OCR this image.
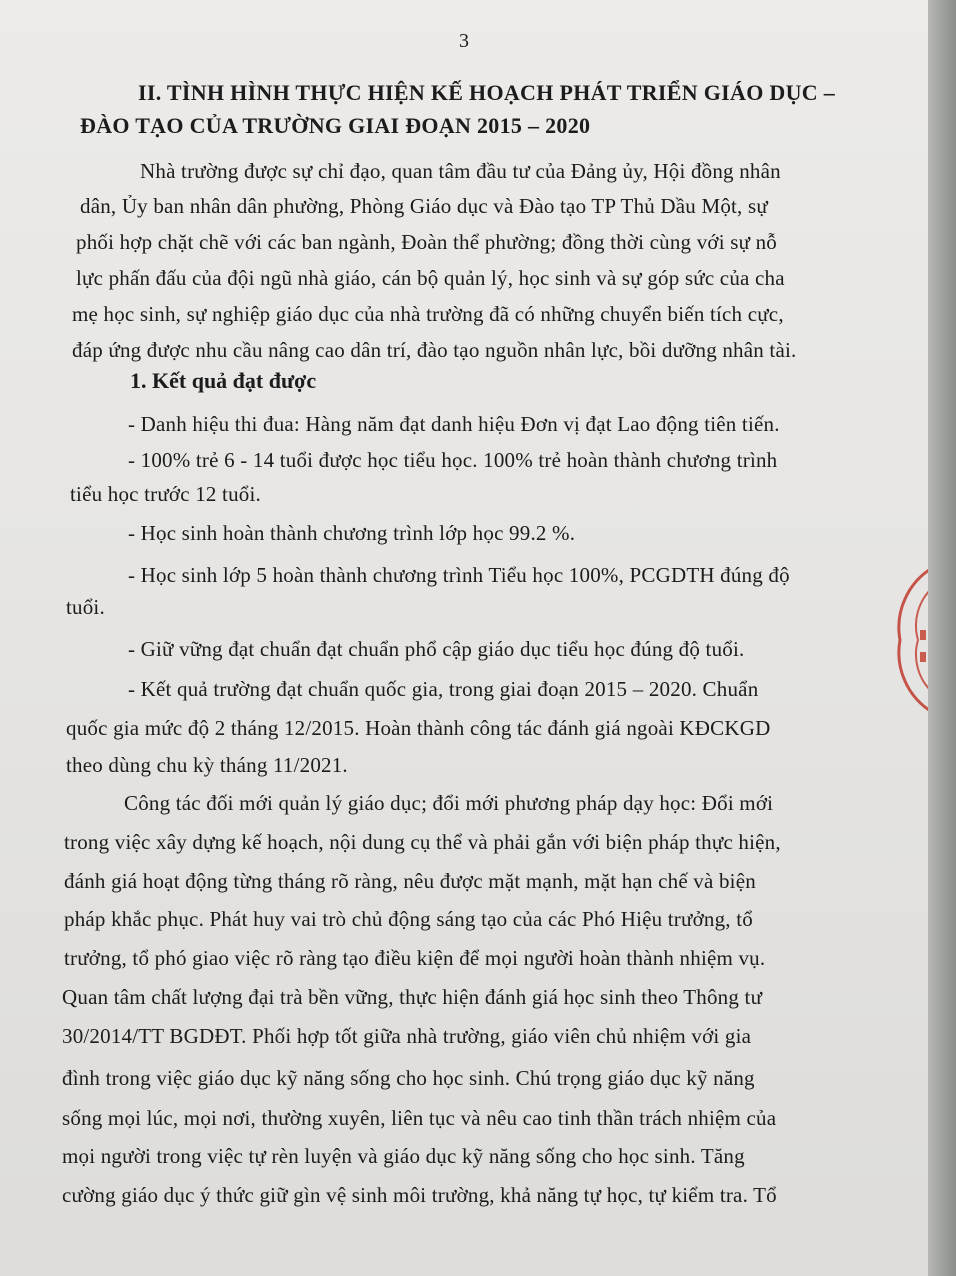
3
II. TÌNH HÌNH THỰC HIỆN KẾ HOẠCH PHÁT TRIỂN GIÁO DỤC –
ĐÀO TẠO CỦA TRƯỜNG GIAI ĐOẠN 2015 – 2020
Nhà trường được sự chỉ đạo, quan tâm đầu tư của Đảng ủy, Hội đồng nhân
dân, Ủy ban nhân dân phường, Phòng Giáo dục và Đào tạo TP Thủ Dầu Một, sự
phối hợp chặt chẽ với các ban ngành, Đoàn thể phường; đồng thời cùng với sự nỗ
lực phấn đấu của đội ngũ nhà giáo, cán bộ quản lý, học sinh và sự góp sức của cha
mẹ học sinh, sự nghiệp giáo dục của nhà trường đã có những chuyển biến tích cực,
đáp ứng được nhu cầu nâng cao dân trí, đào tạo nguồn nhân lực, bồi dưỡng nhân tài.
1. Kết quả đạt được
- Danh hiệu thi đua: Hàng năm đạt danh hiệu Đơn vị đạt Lao động tiên tiến.
- 100% trẻ 6 - 14 tuổi được học tiểu học. 100% trẻ hoàn thành chương trình
tiểu học trước 12 tuổi.
- Học sinh hoàn thành chương trình lớp học 99.2 %.
- Học sinh lớp 5 hoàn thành chương trình Tiểu học 100%, PCGDTH đúng độ
tuổi.
- Giữ vững đạt chuẩn đạt chuẩn phổ cập giáo dục tiểu học đúng độ tuổi.
- Kết quả trường đạt chuẩn quốc gia, trong giai đoạn 2015 – 2020. Chuẩn
quốc gia mức độ 2 tháng 12/2015. Hoàn thành công tác đánh giá ngoài KĐCKGD
theo dùng chu kỳ tháng 11/2021.
Công tác đối mới quản lý giáo dục; đổi mới phương pháp dạy học: Đổi mới
trong việc xây dựng kế hoạch, nội dung cụ thể và phải gắn với biện pháp thực hiện,
đánh giá hoạt động từng tháng rõ ràng, nêu được mặt mạnh, mặt hạn chế và biện
pháp khắc phục. Phát huy vai trò chủ động sáng tạo của các Phó Hiệu trưởng, tổ
trưởng, tổ phó giao việc rõ ràng tạo điều kiện để mọi người hoàn thành nhiệm vụ.
Quan tâm chất lượng đại trà bền vững, thực hiện đánh giá học sinh theo Thông tư
30/2014/TT BGDĐT. Phối hợp tốt giữa nhà trường, giáo viên chủ nhiệm với gia
đình trong việc giáo dục kỹ năng sống cho học sinh. Chú trọng giáo dục kỹ năng
sống mọi lúc, mọi nơi, thường xuyên, liên tục và nêu cao tinh thần trách nhiệm của
mọi người trong việc tự rèn luyện và giáo dục kỹ năng sống cho học sinh. Tăng
cường giáo dục ý thức giữ gìn vệ sinh môi trường, khả năng tự học, tự kiểm tra. Tổ
